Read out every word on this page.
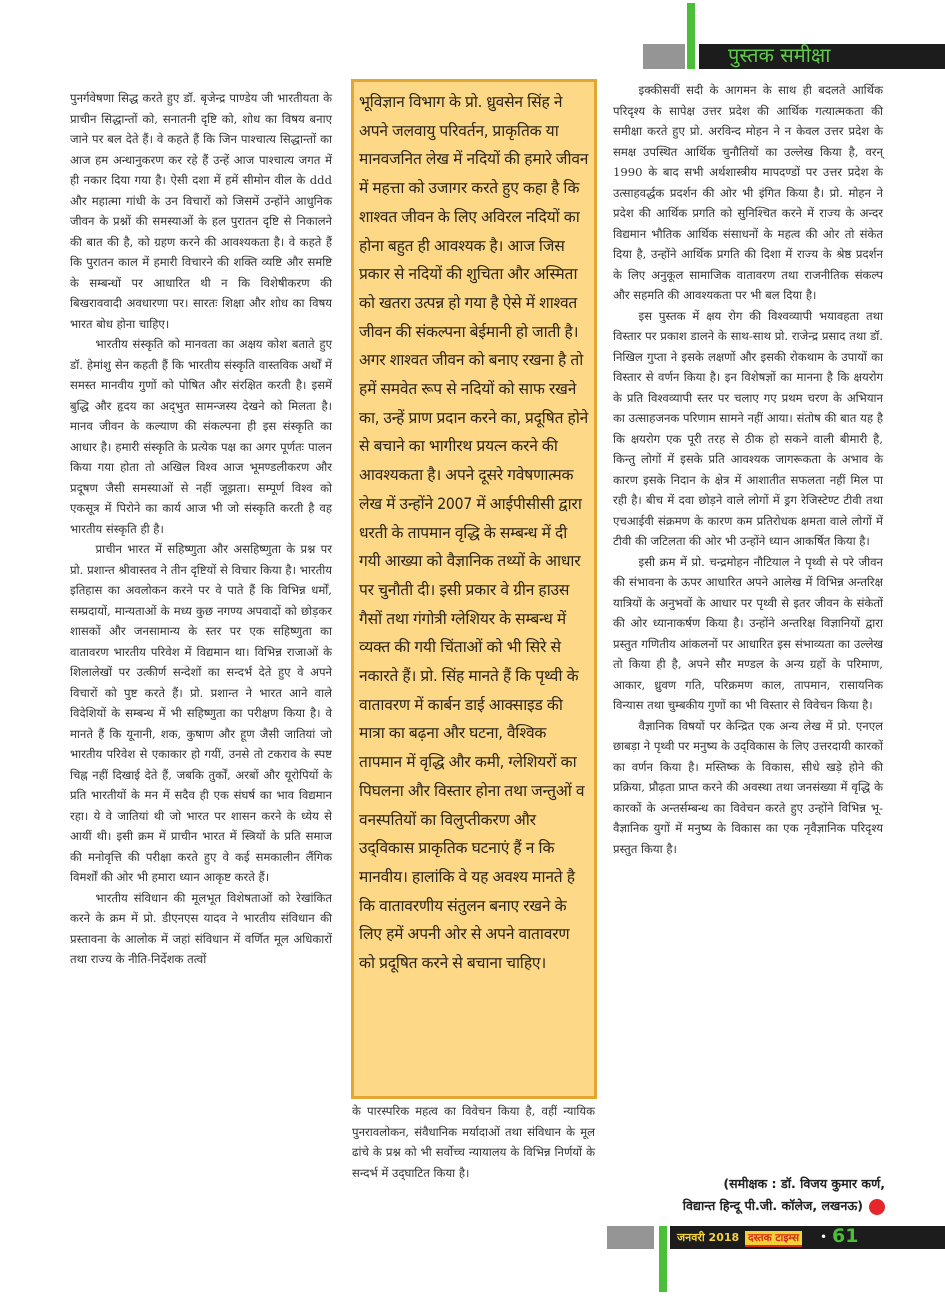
पुस्तक समीक्षा

पुनर्गवेषणा सिद्ध करते हुए डॉ. बृजेन्द्र पाण्डेय जी भारतीयता के प्राचीन सिद्धान्तों को, सनातनी दृष्टि को, शोध का विषय बनाए जाने पर बल देते हैं। वे कहते हैं कि जिन पाश्चात्य सिद्धान्तों का आज हम अन्धानुकरण कर रहे हैं उन्हें आज पाश्चात्य जगत में ही नकार दिया गया है। ऐसी दशा में हमें सीमोन वील के ddd और महात्मा गांधी के उन विचारों को जिसमें उन्होंने आधुनिक जीवन के प्रश्नों की समस्याओं के हल पुरातन दृष्टि से निकालने की बात की है, को ग्रहण करने की आवश्यकता है। वे कहते हैं कि पुरातन काल में हमारी विचारने की शक्ति व्यष्टि और समष्टि के सम्बन्धों पर आधारित थी न कि विशेषीकरण की बिखराववादी अवधारणा पर। सारतः शिक्षा और शोध का विषय भारत बोध होना चाहिए।

भारतीय संस्कृति को मानवता का अक्षय कोश बताते हुए डॉ. हेमांशु सेन कहती हैं कि भारतीय संस्कृति वास्तविक अर्थों में समस्त मानवीय गुणों को पोषित और संरक्षित करती है। इसमें बुद्धि और हृदय का अद्‌भुत सामन्जस्य देखने को मिलता है। मानव जीवन के कल्याण की संकल्पना ही इस संस्कृति का आधार है। हमारी संस्कृति के प्रत्येक पक्ष का अगर पूर्णतः पालन किया गया होता तो अखिल विश्व आज भूमण्डलीकरण और प्रदूषण जैसी समस्याओं से नहीं जूझता। सम्पूर्ण विश्व को एकसूत्र में पिरोने का कार्य आज भी जो संस्कृति करती है वह भारतीय संस्कृति ही है।

प्राचीन भारत में सहिष्णुता और असहिष्णुता के प्रश्न पर प्रो. प्रशान्त श्रीवास्तव ने तीन दृष्टियों से विचार किया है। भारतीय इतिहास का अवलोकन करने पर वे पाते हैं कि विभिन्न धर्मों, सम्प्रदायों, मान्यताओं के मध्य कुछ नगण्य अपवादों को छोड़कर शासकों और जनसामान्य के स्तर पर एक सहिष्णुता का वातावरण भारतीय परिवेश में विद्यमान था। विभिन्न राजाओं के शिलालेखों पर उत्कीर्ण सन्देशों का सन्दर्भ देते हुए वे अपने विचारों को पुष्ट करते हैं। प्रो. प्रशान्त ने भारत आने वाले विदेशियों के सम्बन्ध में भी सहिष्णुता का परीक्षण किया है। वे मानते हैं कि यूनानी, शक, कुषाण और हूण जैसी जातियां जो भारतीय परिवेश से एकाकार हो गयीं, उनसे तो टकराव के स्पष्ट चिह्न नहीं दिखाई देते हैं, जबकि तुर्कों, अरबों और यूरोपियों के प्रति भारतीयों के मन में सदैव ही एक संघर्ष का भाव विद्यमान रहा। ये वे जातियां थी जो भारत पर शासन करने के ध्येय से आयीं थी। इसी क्रम में प्राचीन भारत में स्त्रियों के प्रति समाज की मनोवृत्ति की परीक्षा करते हुए वे कई समकालीन लैंगिक विमर्शों की ओर भी हमारा ध्यान आकृष्ट करते हैं।

भारतीय संविधान की मूलभूत विशेषताओं को रेखांकित करने के क्रम में प्रो. डीएनएस यादव ने भारतीय संविधान की प्रस्तावना के आलोक में जहां संविधान में वर्णित मूल अधिकारों तथा राज्य के नीति-निर्देशक तत्वों

भूविज्ञान विभाग के प्रो. ध्रुवसेन सिंह ने अपने जलवायु परिवर्तन, प्राकृतिक या मानवजनित लेख में नदियों की हमारे जीवन में महत्ता को उजागर करते हुए कहा है कि शाश्वत जीवन के लिए अविरल नदियों का होना बहुत ही आवश्यक है। आज जिस प्रकार से नदियों की शुचिता और अस्मिता को खतरा उत्पन्न हो गया है ऐसे में शाश्वत जीवन की संकल्पना बेईमानी हो जाती है। अगर शाश्वत जीवन को बनाए रखना है तो हमें समवेत रूप से नदियों को साफ रखने का, उन्हें प्राण प्रदान करने का, प्रदूषित होने से बचाने का भागीरथ प्रयत्न करने की आवश्यकता है। अपने दूसरे गवेषणात्मक लेख में उन्होंने 2007 में आईपीसीसी द्वारा धरती के तापमान वृद्धि के सम्बन्ध में दी गयी आख्या को वैज्ञानिक तथ्यों के आधार पर चुनौती दी। इसी प्रकार वे ग्रीन हाउस गैसों तथा गंगोत्री ग्लेशियर के सम्बन्ध में व्यक्त की गयी चिंताओं को भी सिरे से नकारते हैं। प्रो. सिंह मानते हैं कि पृथ्वी के वातावरण में कार्बन डाई आक्साइड की मात्रा का बढ़ना और घटना, वैश्विक तापमान में वृद्धि और कमी, ग्लेशियरों का पिघलना और विस्तार होना तथा जन्तुओं व वनस्पतियों का विलुप्तीकरण और उद्‌विकास प्राकृतिक घटनाएं हैं न कि मानवीय। हालांकि वे यह अवश्य मानते है कि वातावरणीय संतुलन बनाए रखने के लिए हमें अपनी ओर से अपने वातावरण को प्रदूषित करने से बचाना चाहिए।

के पारस्परिक महत्व का विवेचन किया है, वहीं न्यायिक पुनरावलोकन, संवैधानिक मर्यादाओं तथा संविधान के मूल ढांचे के प्रश्न को भी सर्वोच्च न्यायालय के विभिन्न निर्णयों के सन्दर्भ में उद्‌घाटित किया है।

इक्कीसवीं सदी के आगमन के साथ ही बदलते आर्थिक परिदृश्य के सापेक्ष उत्तर प्रदेश की आर्थिक गत्यात्मकता की समीक्षा करते हुए प्रो. अरविन्द मोहन ने न केवल उत्तर प्रदेश के समक्ष उपस्थित आर्थिक चुनौतियों का उल्लेख किया है, वरन् 1990 के बाद सभी अर्थशास्त्रीय मापदण्डों पर उत्तर प्रदेश के उत्साहवर्द्धक प्रदर्शन की ओर भी इंगित किया है। प्रो. मोहन ने प्रदेश की आर्थिक प्रगति को सुनिश्चित करने में राज्य के अन्दर विद्यमान भौतिक आर्थिक संसाधनों के महत्व की ओर तो संकेत दिया है, उन्होंने आर्थिक प्रगति की दिशा में राज्य के श्रेष्ठ प्रदर्शन के लिए अनुकूल सामाजिक वातावरण तथा राजनीतिक संकल्प और सहमति की आवश्यकता पर भी बल दिया है।

इस पुस्तक में क्षय रोग की विश्वव्यापी भयावहता तथा विस्तार पर प्रकाश डालने के साथ-साथ प्रो. राजेन्द्र प्रसाद तथा डॉ. निखिल गुप्ता ने इसके लक्षणों और इसकी रोकथाम के उपायों का विस्तार से वर्णन किया है। इन विशेषज्ञों का मानना है कि क्षयरोग के प्रति विश्वव्यापी स्तर पर चलाए गए प्रथम चरण के अभियान का उत्साहजनक परिणाम सामने नहीं आया। संतोष की बात यह है कि क्षयरोग एक पूरी तरह से ठीक हो सकने वाली बीमारी है, किन्तु लोगों में इसके प्रति आवश्यक जागरूकता के अभाव के कारण इसके निदान के क्षेत्र में आशातीत सफलता नहीं मिल पा रही है। बीच में दवा छोड़ने वाले लोगों में ड्रग रेजिस्टेण्ट टीवी तथा एचआईवी संक्रमण के कारण कम प्रतिरोधक क्षमता वाले लोगों में टीवी की जटिलता की ओर भी उन्होंने ध्यान आकर्षित किया है।

इसी क्रम में प्रो. चन्द्रमोहन नौटियाल ने पृथ्वी से परे जीवन की संभावना के ऊपर आधारित अपने आलेख में विभिन्न अन्तरिक्ष यात्रियों के अनुभवों के आधार पर पृथ्वी से इतर जीवन के संकेतों की ओर ध्यानाकर्षण किया है। उन्होंने अन्तरिक्ष विज्ञानियों द्वारा प्रस्तुत गणितीय आंकलनों पर आधारित इस संभाव्यता का उल्लेख तो किया ही है, अपने सौर मण्डल के अन्य ग्रहों के परिमाण, आकार, ध्रुवण गति, परिक्रमण काल, तापमान, रासायनिक विन्यास तथा चुम्बकीय गुणों का भी विस्तार से विवेचन किया है।

वैज्ञानिक विषयों पर केन्द्रित एक अन्य लेख में प्रो. एनएल छाबड़ा ने पृथ्वी पर मनुष्य के उद्‌विकास के लिए उत्तरदायी कारकों का वर्णन किया है। मस्तिष्क के विकास, सीधे खड़े होने की प्रक्रिया, प्रौढ़ता प्राप्त करने की अवस्था तथा जनसंख्या में वृद्धि के कारकों के अन्तर्सम्बन्ध का विवेचन करते हुए उन्होंने विभिन्न भू-वैज्ञानिक युगों में मनुष्य के विकास का एक नृवैज्ञानिक परिदृश्य प्रस्तुत किया है।

(समीक्षक : डॉ. विजय कुमार कर्ण,
विद्यान्त हिन्दू पी.जी. कॉलेज, लखनऊ)
जनवरी 2018 दस्तक टाइम्स • 61
